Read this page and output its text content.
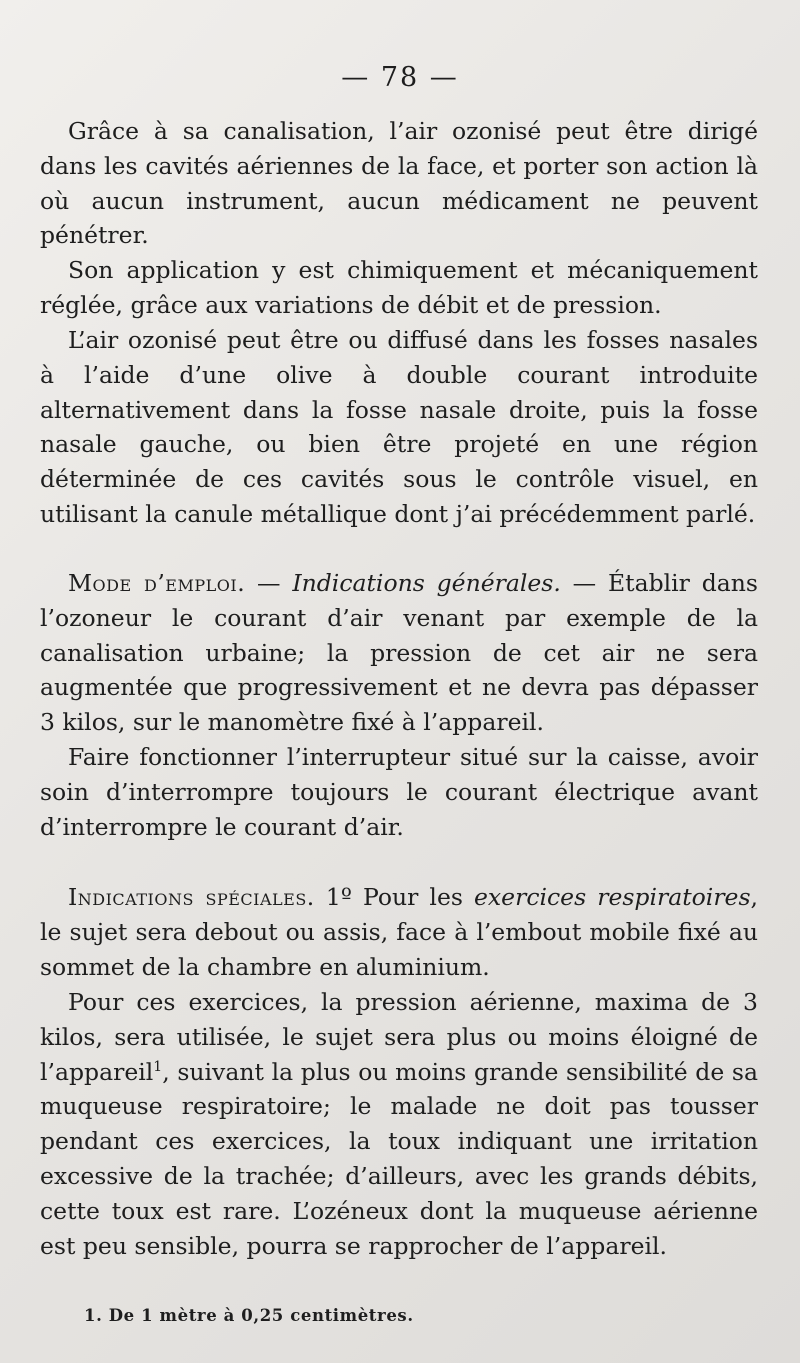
— 78 —

Grâce à sa canalisation, l’air ozonisé peut être dirigé dans les cavités aériennes de la face, et porter son action là où aucun instrument, aucun médicament ne peuvent pénétrer.

Son application y est chimiquement et mécaniquement réglée, grâce aux variations de débit et de pression.

L’air ozonisé peut être ou diffusé dans les fosses nasales à l’aide d’une olive à double courant introduite alternativement dans la fosse nasale droite, puis la fosse nasale gauche, ou bien être projeté en une région déterminée de ces cavités sous le contrôle visuel, en utilisant la canule métallique dont j’ai précédemment parlé.

Mode d’emploi. — Indications générales. — Établir dans l’ozoneur le courant d’air venant par exemple de la canalisation urbaine; la pression de cet air ne sera augmentée que progressivement et ne devra pas dépasser 3 kilos, sur le manomètre fixé à l’appareil.

Faire fonctionner l’interrupteur situé sur la caisse, avoir soin d’interrompre toujours le courant électrique avant d’interrompre le courant d’air.

Indications spéciales. 1º Pour les exercices respiratoires, le sujet sera debout ou assis, face à l’embout mobile fixé au sommet de la chambre en aluminium.

Pour ces exercices, la pression aérienne, maxima de 3 kilos, sera utilisée, le sujet sera plus ou moins éloigné de l’appareil$^1$, suivant la plus ou moins grande sensibilité de sa muqueuse respiratoire; le malade ne doit pas tousser pendant ces exercices, la toux indiquant une irritation excessive de la trachée; d’ailleurs, avec les grands débits, cette toux est rare. L’ozéneux dont la muqueuse aérienne est peu sensible, pourra se rapprocher de l’appareil.

1. De 1 mètre à 0,25 centimètres.
